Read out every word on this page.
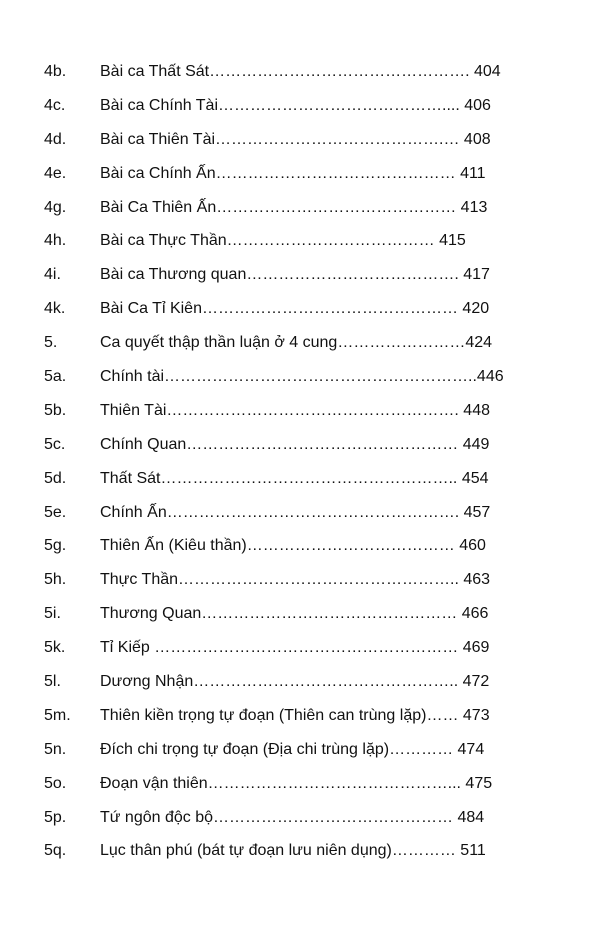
4b. Bài ca Thất Sát…………………………………………. 404
4c. Bài ca Chính Tài…………………………………….... 406
4d. Bài ca Thiên Tài…………………………………….… 408
4e. Bài ca Chính Ấn……………………………………… 411
4g. Bài Ca Thiên Ấn……………………………………… 413
4h. Bài ca Thực Thần………………………………… 415
4i. Bài ca Thương quan…………………………………. 417
4k. Bài Ca Tỉ Kiên………………………………………… 420
5.	Ca quyết thập thần luận ở 4 cung……………………424
5a. Chính tài…………………………………………………..446
5b. Thiên Tài………………………………………………. 448
5c. Chính Quan…………………………………………… 449
5d. Thất Sát……………………………………………….. 454
5e. Chính Ấn………………………………………………. 457
5g. Thiên Ấn (Kiêu thần)………………………………… 460
5h. Thực Thần…………………………………………….. 463
5i. Thương Quan………………………………………… 466
5k. Tỉ Kiếp ………………………………………………… 469
5l. Dương Nhận………………………………………….. 472
5m. Thiên kiền trọng tự đoạn (Thiên can trùng lặp)…… 473
5n. Đích chi trọng tự đoạn (Địa chi trùng lặp)………… 474
5o. Đoạn vận thiên………………………………………... 475
5p. Tứ ngôn độc bộ……………………………………… 484
5q. Lục thân phú (bát tự đoạn lưu niên dụng)………… 511
